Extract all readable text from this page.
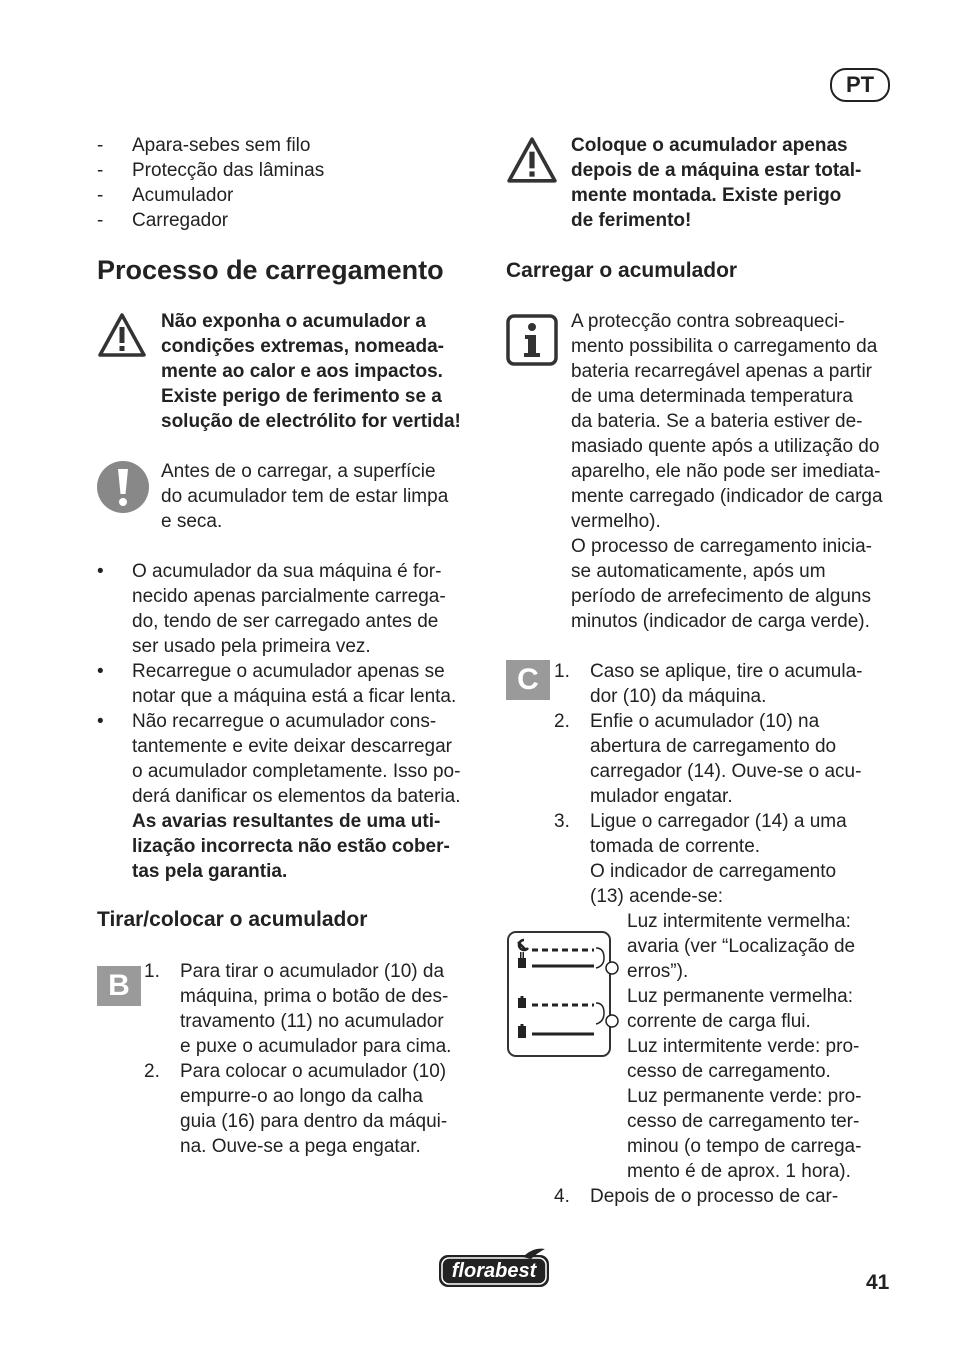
PT
- Apara-sebes sem filo
- Protecção das lâminas
- Acumulador
- Carregador
Processo de carregamento
Não exponha o acumulador a
condições extremas, nomeada-
mente ao calor e aos impactos.
Existe perigo de ferimento se a
solução de electrólito for vertida!
Antes de o carregar, a superfície
do acumulador tem de estar limpa
e seca.
• O acumulador da sua máquina é for-
necido apenas parcialmente carrega-
do, tendo de ser carregado antes de
ser usado pela primeira vez.
• Recarregue o acumulador apenas se
notar que a máquina está a ficar lenta.
• Não recarregue o acumulador cons-
tantemente e evite deixar descarregar
o acumulador completamente. Isso po-
derá danificar os elementos da bateria.
As avarias resultantes de uma uti-
lização incorrecta não estão cober-
tas pela garantia.
Tirar/colocar o acumulador
B 1. Para tirar o acumulador (10) da
máquina, prima o botão de des-
travamento (11) no acumulador
e puxe o acumulador para cima.
2. Para colocar o acumulador (10)
empurre-o ao longo da calha
guia (16) para dentro da máqui-
na. Ouve-se a pega engatar.
Coloque o acumulador apenas
depois de a máquina estar total-
mente montada. Existe perigo
de ferimento!
Carregar o acumulador
A protecção contra sobreaqueci-
mento possibilita o carregamento da
bateria recarregável apenas a partir
de uma determinada temperatura
da bateria. Se a bateria estiver de-
masiado quente após a utilização do
aparelho, ele não pode ser imediata-
mente carregado (indicador de carga
vermelho).
O processo de carregamento inicia-
se automaticamente, após um
período de arrefecimento de alguns
minutos (indicador de carga verde).
C 1. Caso se aplique, tire o acumula-
dor (10) da máquina.
2. Enfie o acumulador (10) na
abertura de carregamento do
carregador (14). Ouve-se o acu-
mulador engatar.
3. Ligue o carregador (14) a uma
tomada de corrente.
O indicador de carregamento
(13) acende-se:
Luz intermitente vermelha:
avaria (ver “Localização de
erros”).
Luz permanente vermelha:
corrente de carga flui.
Luz intermitente verde: pro-
cesso de carregamento.
Luz permanente verde: pro-
cesso de carregamento ter-
minou (o tempo de carrega-
mento é de aprox. 1 hora).
4. Depois de o processo de car-
florabest	41
